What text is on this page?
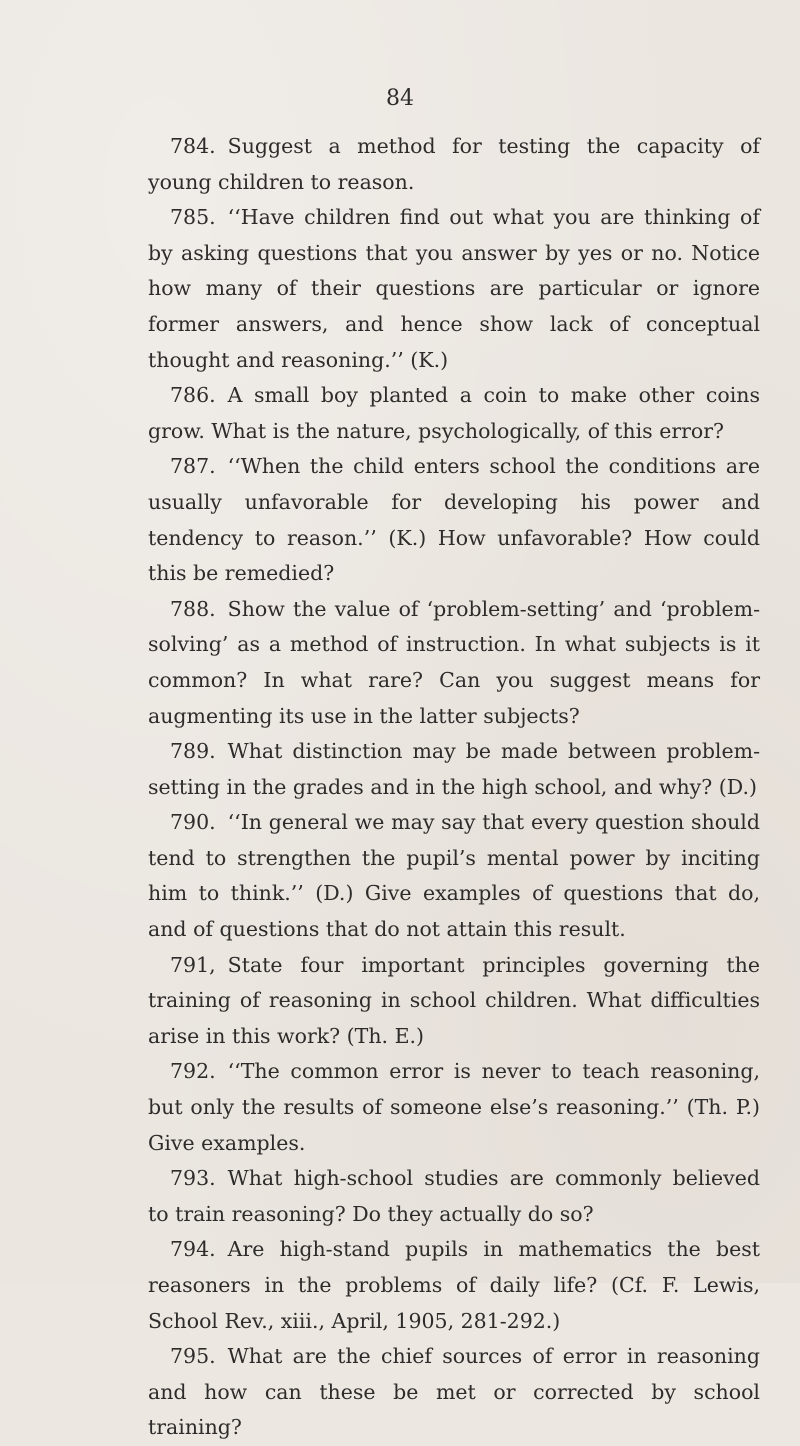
84

784. Suggest a method for testing the capacity of young children to reason.

785. ‘‘Have children find out what you are thinking of by asking questions that you answer by yes or no. Notice how many of their questions are particular or ignore former answers, and hence show lack of conceptual thought and reasoning.’’ (K.)

786. A small boy planted a coin to make other coins grow. What is the nature, psychologically, of this error?

787. ‘‘When the child enters school the conditions are usually unfavorable for developing his power and tendency to reason.’’ (K.) How unfavorable? How could this be remedied?

788. Show the value of ‘problem-setting’ and ‘problem-solving’ as a method of instruction. In what subjects is it common? In what rare? Can you suggest means for augmenting its use in the latter subjects?

789. What distinction may be made between problem-setting in the grades and in the high school, and why? (D.)

790. ‘‘In general we may say that every question should tend to strengthen the pupil’s mental power by inciting him to think.’’ (D.) Give examples of questions that do, and of questions that do not attain this result.

791, State four important principles governing the training of reasoning in school children. What difficulties arise in this work? (Th. E.)

792. ‘‘The common error is never to teach reasoning, but only the results of someone else’s reasoning.’’ (Th. P.) Give examples.

793. What high-school studies are commonly believed to train reasoning? Do they actually do so?

794. Are high-stand pupils in mathematics the best reasoners in the problems of daily life? (Cf. F. Lewis, School Rev., xiii., April, 1905, 281-292.)

795. What are the chief sources of error in reasoning and how can these be met or corrected by school training?
